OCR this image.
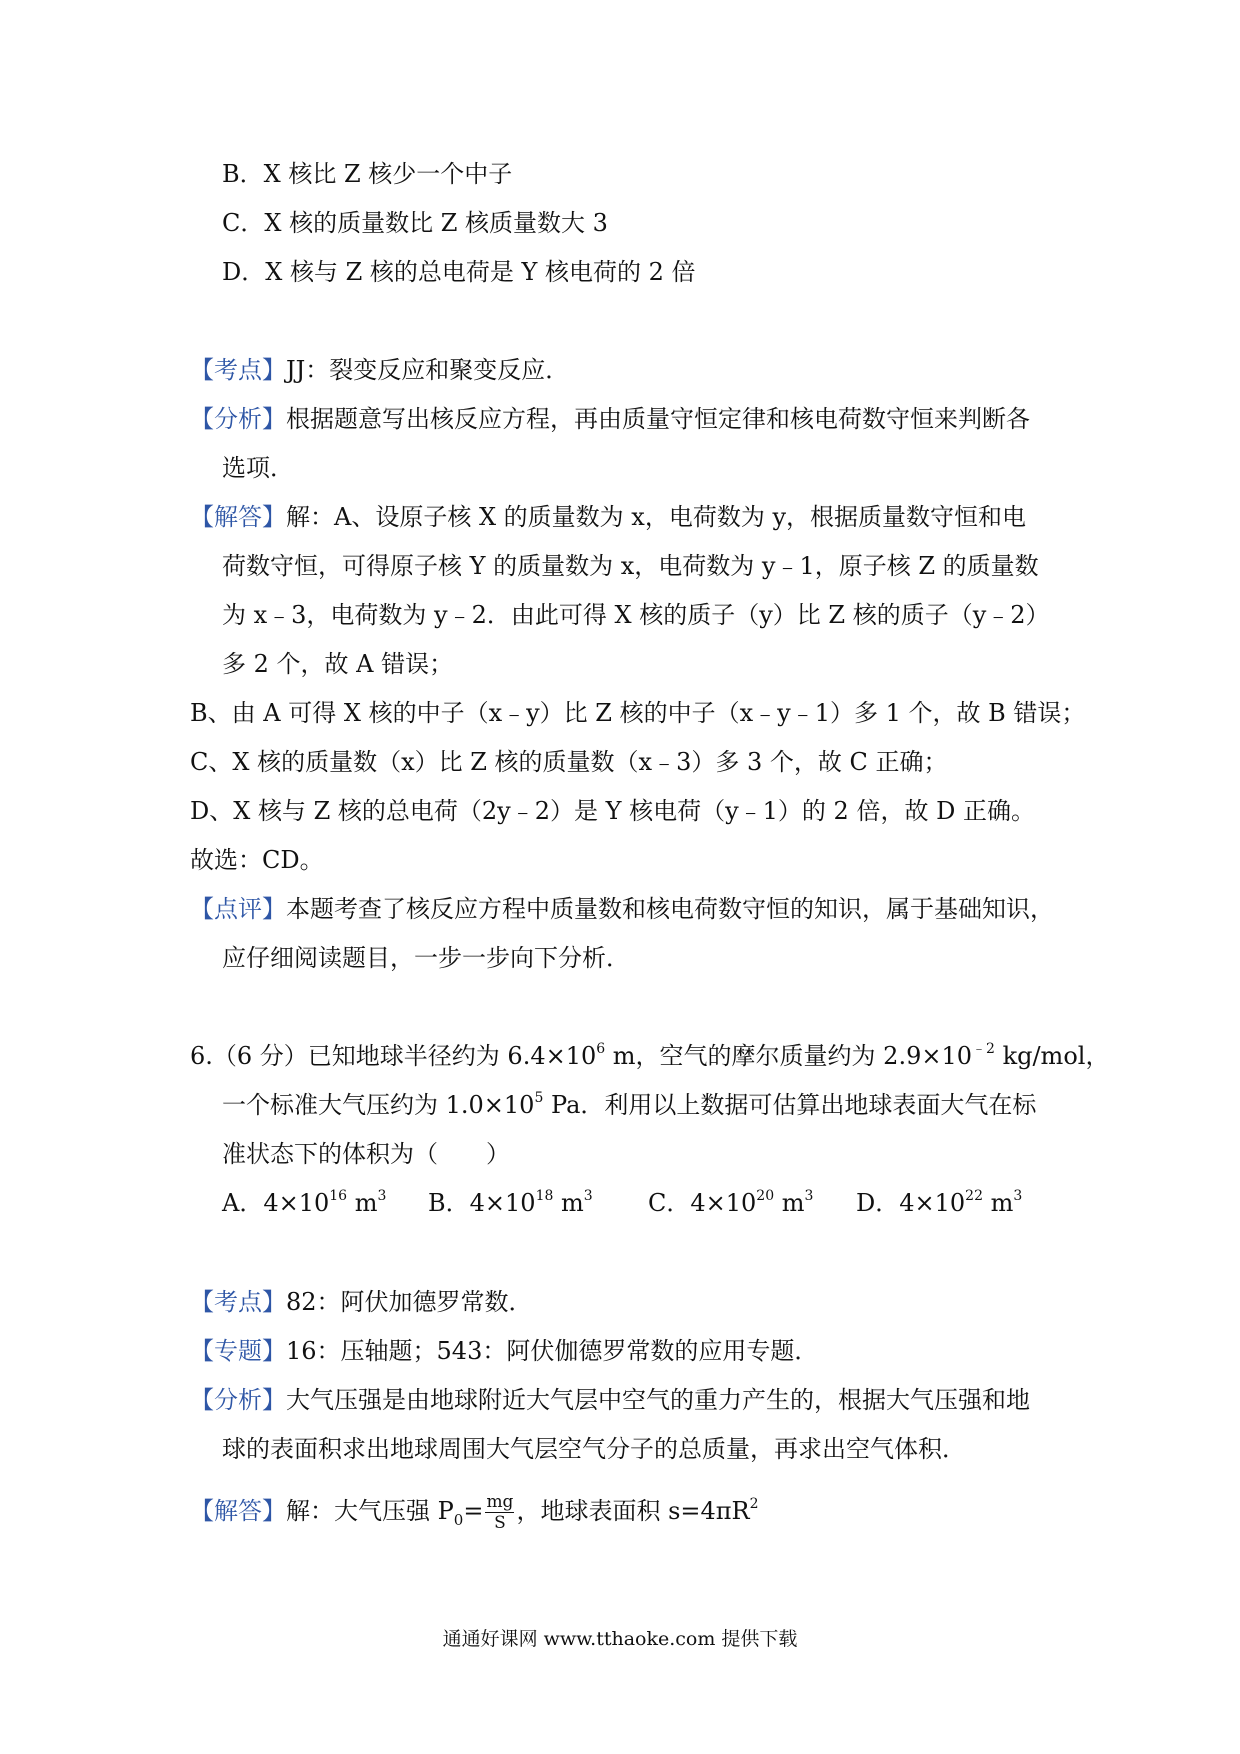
B．X 核比 Z 核少一个中子
C．X 核的质量数比 Z 核质量数大 3
D．X 核与 Z 核的总电荷是 Y 核电荷的 2 倍
【考点】JJ：裂变反应和聚变反应．
【分析】根据题意写出核反应方程，再由质量守恒定律和核电荷数守恒来判断各
选项．
【解答】解：A、设原子核 X 的质量数为 x，电荷数为 y，根据质量数守恒和电
荷数守恒，可得原子核 Y 的质量数为 x，电荷数为 y﹣1，原子核 Z 的质量数
为 x﹣3，电荷数为 y﹣2．由此可得 X 核的质子（y）比 Z 核的质子（y﹣2）
多 2 个，故 A 错误；
B、由 A 可得 X 核的中子（x﹣y）比 Z 核的中子（x﹣y﹣1）多 1 个，故 B 错误；
C、X 核的质量数（x）比 Z 核的质量数（x﹣3）多 3 个，故 C 正确；
D、X 核与 Z 核的总电荷（2y﹣2）是 Y 核电荷（y﹣1）的 2 倍，故 D 正确。
故选：CD。
【点评】本题考查了核反应方程中质量数和核电荷数守恒的知识，属于基础知识，
应仔细阅读题目，一步一步向下分析．
6.（6 分）已知地球半径约为 $6.4\times 10^6$ m，空气的摩尔质量约为 $2.9\times 10^{﹣2}$ kg/mol，
一个标准大气压约为 $1.0\times 10^5$ Pa．利用以上数据可估算出地球表面大气在标
准状态下的体积为（　　）
A．$4\times 10^{16}$ $m^3$ B．$4\times 10^{18}$ $m^3$ C．$4\times 10^{20}$ $m^3$ D．$4\times 10^{22}$ $m^3$
【考点】82：阿伏加德罗常数．
【专题】16：压轴题；543：阿伏伽德罗常数的应用专题．
【分析】大气压强是由地球附近大气层中空气的重力产生的，根据大气压强和地
球的表面积求出地球周围大气层空气分子的总质量，再求出空气体积．
【解答】解：大气压强 $P_0= \frac{mg}{S}$ ，地球表面积 $s=4\pi R^2$
通通好课网 www.tthaoke.com 提供下载
